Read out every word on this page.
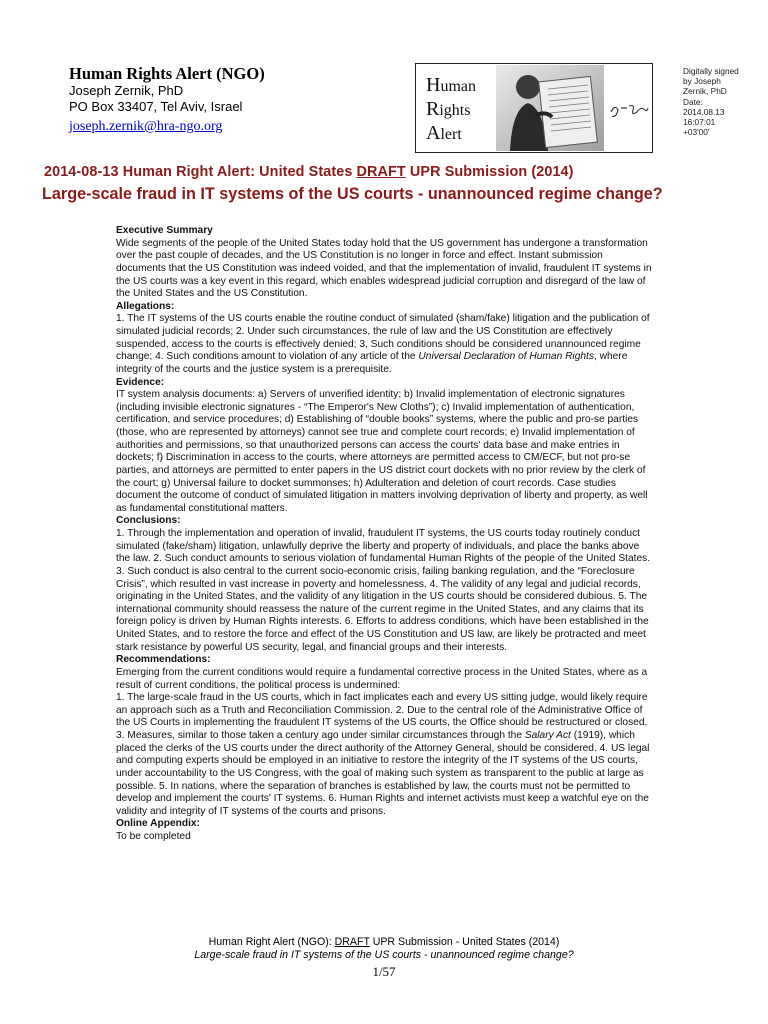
Human Rights Alert (NGO)
Joseph Zernik, PhD
PO Box 33407, Tel Aviv, Israel
joseph.zernik@hra-ngo.org
Human
Rights
Alert
Digitally signed
by Joseph
Zernik, PhD
Date:
2014.08.13
16:07:01
+03'00'
2014-08-13 Human Right Alert: United States DRAFT UPR Submission (2014)
Large-scale fraud in IT systems of the US courts - unannounced regime change?

Executive Summary

Wide segments of the people of the United States today hold that the US government has undergone a transformation over the past couple of decades, and the US Constitution is no longer in force and effect. Instant submission documents that the US Constitution was indeed voided, and that the implementation of invalid, fraudulent IT systems in the US courts was a key event in this regard, which enables widespread judicial corruption and disregard of the law of the United States and the US Constitution.

Allegations:

1. The IT systems of the US courts enable the routine conduct of simulated (sham/fake) litigation and the publication of simulated judicial records; 2. Under such circumstances, the rule of law and the US Constitution are effectively suspended, access to the courts is effectively denied; 3, Such conditions should be considered unannounced regime change; 4. Such conditions amount to violation of any article of the Universal Declaration of Human Rights, where integrity of the courts and the justice system is a prerequisite.

Evidence:

IT system analysis documents: a) Servers of unverified identity; b) Invalid implementation of electronic signatures (including invisible electronic signatures - “The Emperor's New Cloths”); c) Invalid implementation of authentication, certification, and service procedures; d) Establishing of “double books” systems, where the public and pro-se parties (those, who are represented by attorneys) cannot see true and complete court records; e) Invalid implementation of authorities and permissions, so that unauthorized persons can access the courts' data base and make entries in dockets; f) Discrimination in access to the courts, where attorneys are permitted access to CM/ECF, but not pro-se parties, and attorneys are permitted to enter papers in the US district court dockets with no prior review by the clerk of the court; g) Universal failure to docket summonses; h) Adulteration and deletion of court records. Case studies document the outcome of conduct of simulated litigation in matters involving deprivation of liberty and property, as well as fundamental constitutional matters.

Conclusions:

1. Through the implementation and operation of invalid, fraudulent IT systems, the US courts today routinely conduct simulated (fake/sham) litigation, unlawfully deprive the liberty and property of individuals, and place the banks above the law. 2. Such conduct amounts to serious violation of fundamental Human Rights of the people of the United States. 3. Such conduct is also central to the current socio-economic crisis, failing banking regulation, and the “Foreclosure Crisis”, which resulted in vast increase in poverty and homelessness. 4. The validity of any legal and judicial records, originating in the United States, and the validity of any litigation in the US courts should be considered dubious. 5. The international community should reassess the nature of the current regime in the United States, and any claims that its foreign policy is driven by Human Rights interests. 6. Efforts to address conditions, which have been established in the United States, and to restore the force and effect of the US Constitution and US law, are likely be protracted and meet stark resistance by powerful US security, legal, and financial groups and their interests.

Recommendations:

Emerging from the current conditions would require a fundamental corrective process in the United States, where as a result of current conditions, the political process is undermined:
1. The large-scale fraud in the US courts, which in fact implicates each and every US sitting judge, would likely require an approach such as a Truth and Reconciliation Commission. 2. Due to the central role of the Administrative Office of the US Courts in implementing the fraudulent IT systems of the US courts, the Office should be restructured or closed. 3. Measures, similar to those taken a century ago under similar circumstances through the Salary Act (1919), which placed the clerks of the US courts under the direct authority of the Attorney General, should be considered. 4. US legal and computing experts should be employed in an initiative to restore the integrity of the IT systems of the US courts, under accountability to the US Congress, with the goal of making such system as transparent to the public at large as possible. 5. In nations, where the separation of branches is established by law, the courts must not be permitted to develop and implement the courts' IT systems. 6. Human Rights and internet activists must keep a watchful eye on the validity and integrity of IT systems of the courts and prisons.

Online Appendix:

To be completed

Human Right Alert (NGO): DRAFT UPR Submission - United States (2014)
Large-scale fraud in IT systems of the US courts - unannounced regime change?
1/57
